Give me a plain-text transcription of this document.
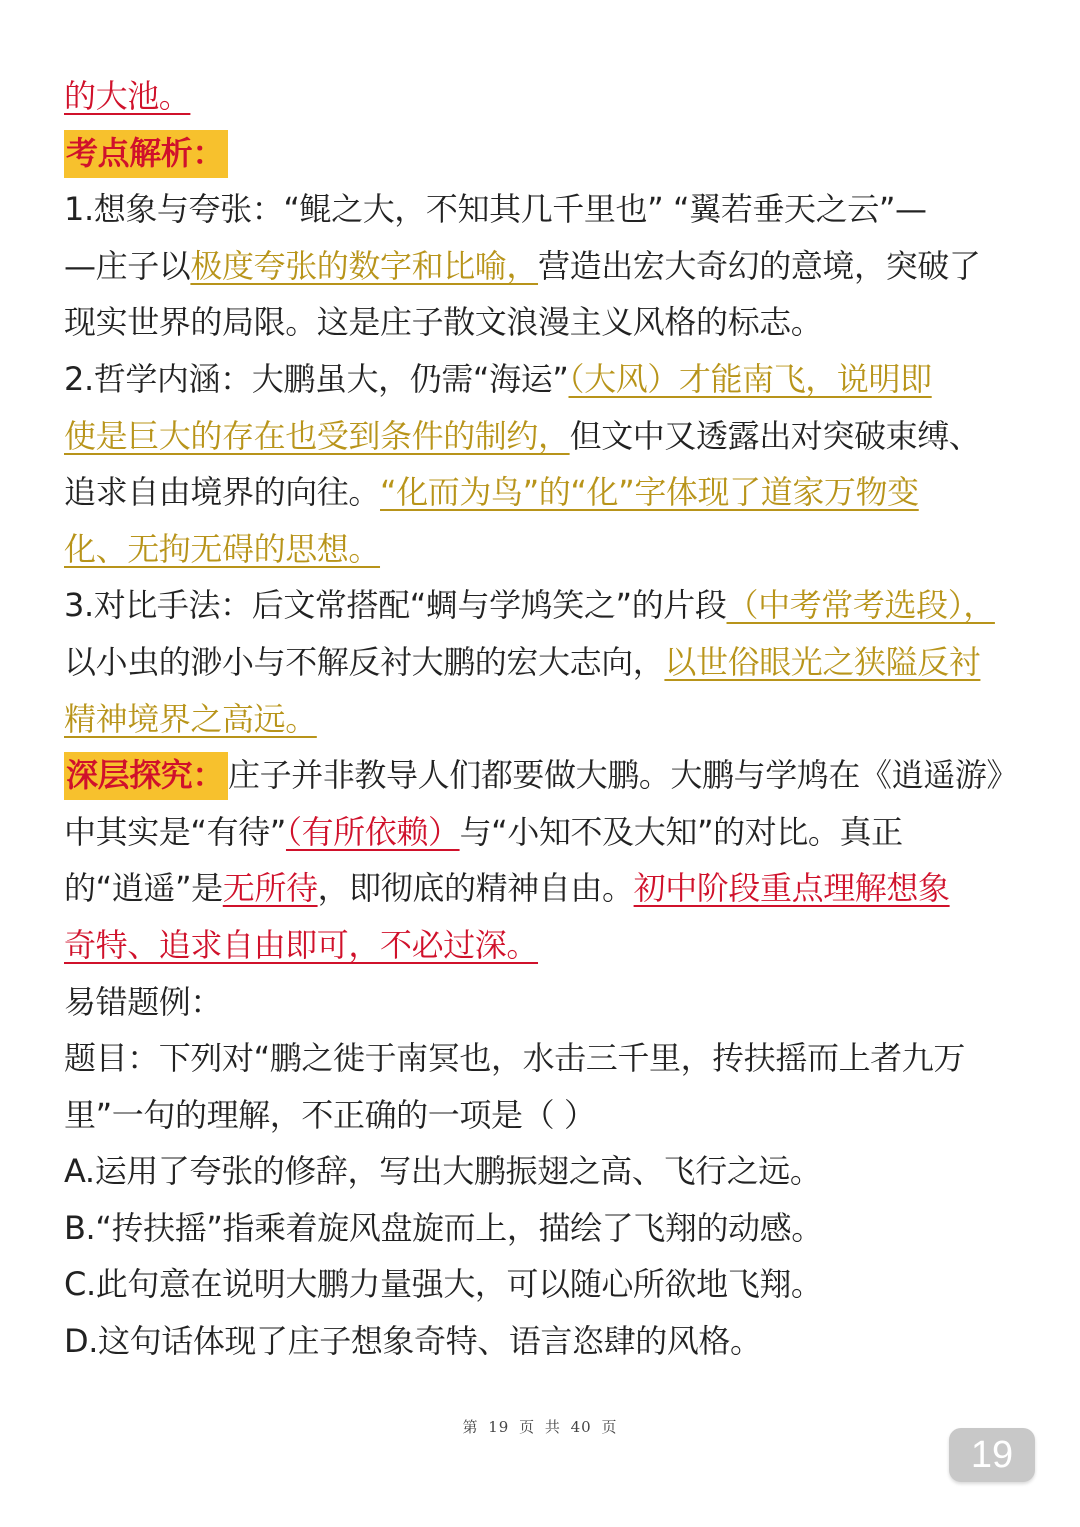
的大池。
考点解析：
1.想象与夸张：“鲲之大，不知其几千里也” “翼若垂天之云”—
—庄子以极度夸张的数字和比喻，营造出宏大奇幻的意境，突破了
现实世界的局限。这是庄子散文浪漫主义风格的标志。
2.哲学内涵：大鹏虽大，仍需“海运”（大风）才能南飞，说明即
使是巨大的存在也受到条件的制约，但文中又透露出对突破束缚、
追求自由境界的向往。“化而为鸟”的“化”字体现了道家万物变
化、无拘无碍的思想。
3.对比手法：后文常搭配“蜩与学鸠笑之”的片段（中考常考选段），
以小虫的渺小与不解反衬大鹏的宏大志向，以世俗眼光之狭隘反衬
精神境界之高远。
深层探究： 庄子并非教导人们都要做大鹏。大鹏与学鸠在《逍遥游》
中其实是“有待”（有所依赖）与“小知不及大知”的对比。真正
的“逍遥”是无所待，即彻底的精神自由。初中阶段重点理解想象
奇特、追求自由即可，不必过深。
易错题例：
题目：下列对“鹏之徙于南冥也，水击三千里，抟扶摇而上者九万
里”一句的理解，不正确的一项是（ ）
A.运用了夸张的修辞，写出大鹏振翅之高、飞行之远。
B.“抟扶摇”指乘着旋风盘旋而上，描绘了飞翔的动感。
C.此句意在说明大鹏力量强大，可以随心所欲地飞翔。
D.这句话体现了庄子想象奇特、语言恣肆的风格。
第 19 页 共 40 页
19
